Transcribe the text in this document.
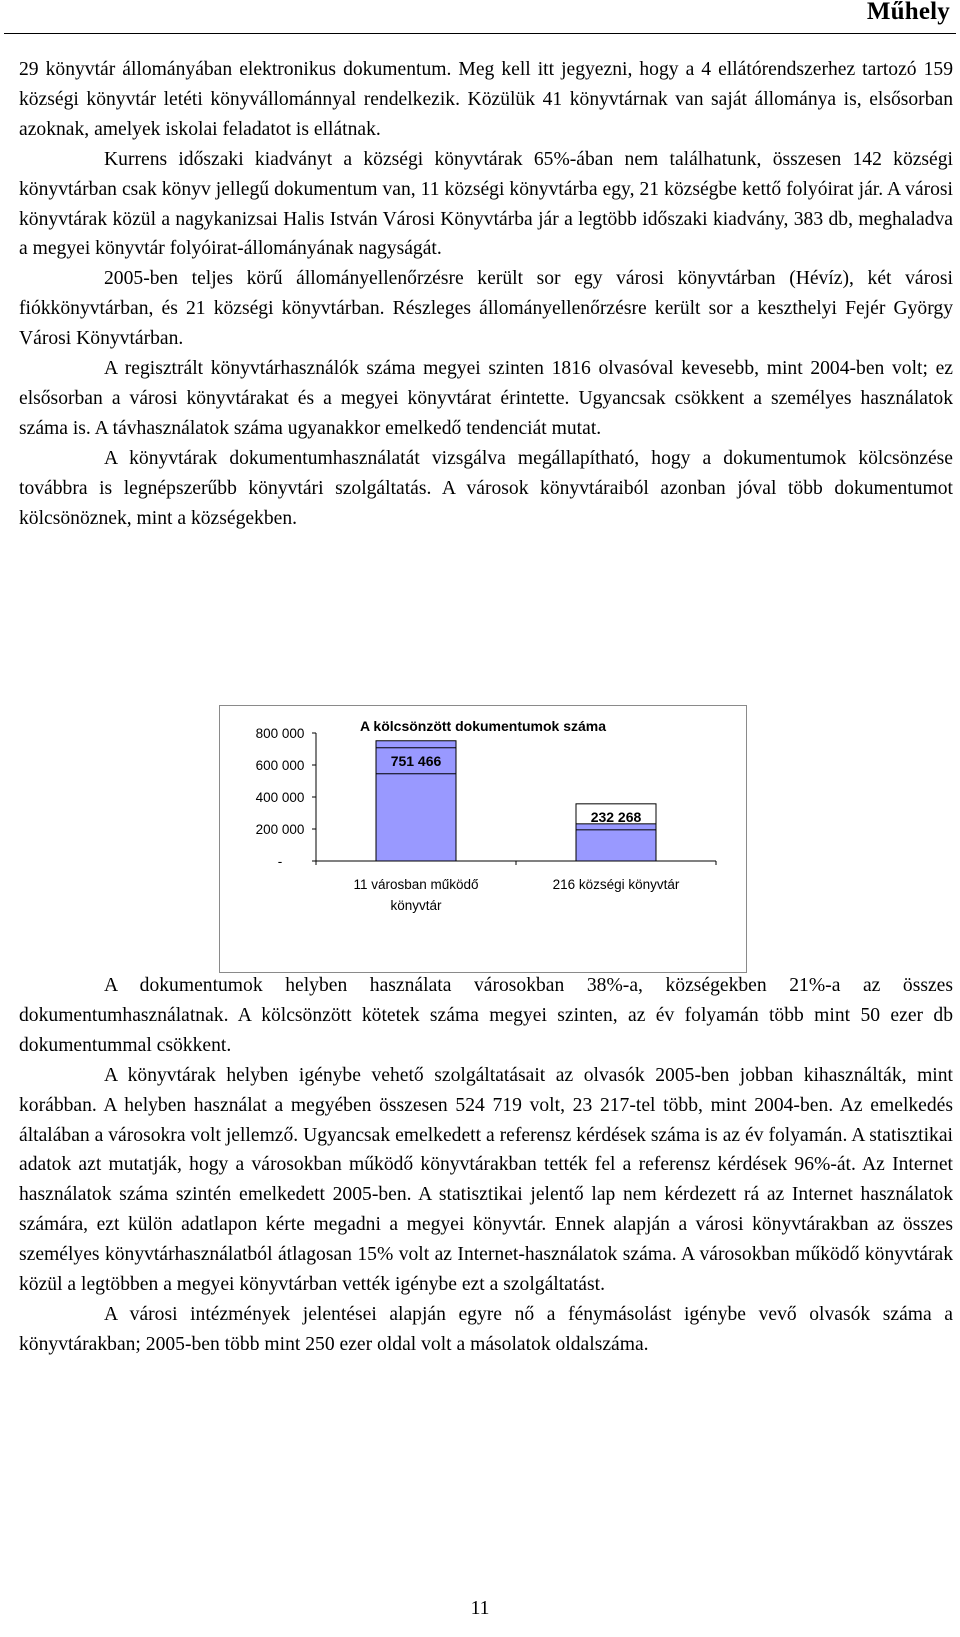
Műhely

29 könyvtár állományában elektronikus dokumentum. Meg kell itt jegyezni, hogy a 4 ellátórendszerhez tartozó 159 községi könyvtár letéti könyvállománnyal rendelkezik. Közülük 41 könyvtárnak van saját állománya is, elsősorban azoknak, amelyek iskolai feladatot is ellátnak.

Kurrens időszaki kiadványt a községi könyvtárak 65%-ában nem találhatunk, összesen 142 községi könyvtárban csak könyv jellegű dokumentum van, 11 községi könyvtárba egy, 21 községbe kettő folyóirat jár. A városi könyvtárak közül a nagykanizsai Halis István Városi Könyvtárba jár a legtöbb időszaki kiadvány, 383 db, meghaladva a megyei könyvtár folyóirat-állományának nagyságát.

2005-ben teljes körű állományellenőrzésre került sor egy városi könyvtárban (Hévíz), két városi fiókkönyvtárban, és 21 községi könyvtárban. Részleges állományellenőrzésre került sor a keszthelyi Fejér György Városi Könyvtárban.

A regisztrált könyvtárhasználók száma megyei szinten 1816 olvasóval kevesebb, mint 2004-ben volt; ez elsősorban a városi könyvtárakat és a megyei könyvtárat érintette. Ugyancsak csökkent a személyes használatok száma is. A távhasználatok száma ugyanakkor emelkedő tendenciát mutat.

A könyvtárak dokumentumhasználatát vizsgálva megállapítható, hogy a dokumentumok kölcsönzése továbbra is legnépszerűbb könyvtári szolgáltatás. A városok könyvtáraiból azonban jóval több dokumentumot kölcsönöznek, mint a községekben.

A kölcsönzött dokumentumok száma
-
200 000
400 000
600 000
800 000
751 466
11 városban működő
könyvtár
232 268
216 községi könyvtár

A dokumentumok helyben használata városokban 38%-a, községekben 21%-a az összes dokumentumhasználatnak. A kölcsönzött kötetek száma megyei szinten, az év folyamán több mint 50 ezer db dokumentummal csökkent.

A könyvtárak helyben igénybe vehető szolgáltatásait az olvasók 2005-ben jobban kihasználták, mint korábban. A helyben használat a megyében összesen 524 719 volt, 23 217-tel több, mint 2004-ben. Az emelkedés általában a városokra volt jellemző. Ugyancsak emelkedett a referensz kérdések száma is az év folyamán. A statisztikai adatok azt mutatják, hogy a városokban működő könyvtárakban tették fel a referensz kérdések 96%-át. Az Internet használatok száma szintén emelkedett 2005-ben. A statisztikai jelentő lap nem kérdezett rá az Internet használatok számára, ezt külön adatlapon kérte megadni a megyei könyvtár. Ennek alapján a városi könyvtárakban az összes személyes könyvtárhasználatból átlagosan 15% volt az Internet-használatok száma. A városokban működő könyvtárak közül a legtöbben a megyei könyvtárban vették igénybe ezt a szolgáltatást.

A városi intézmények jelentései alapján egyre nő a fénymásolást igénybe vevő olvasók száma a könyvtárakban; 2005-ben több mint 250 ezer oldal volt a másolatok oldalszáma.

11
